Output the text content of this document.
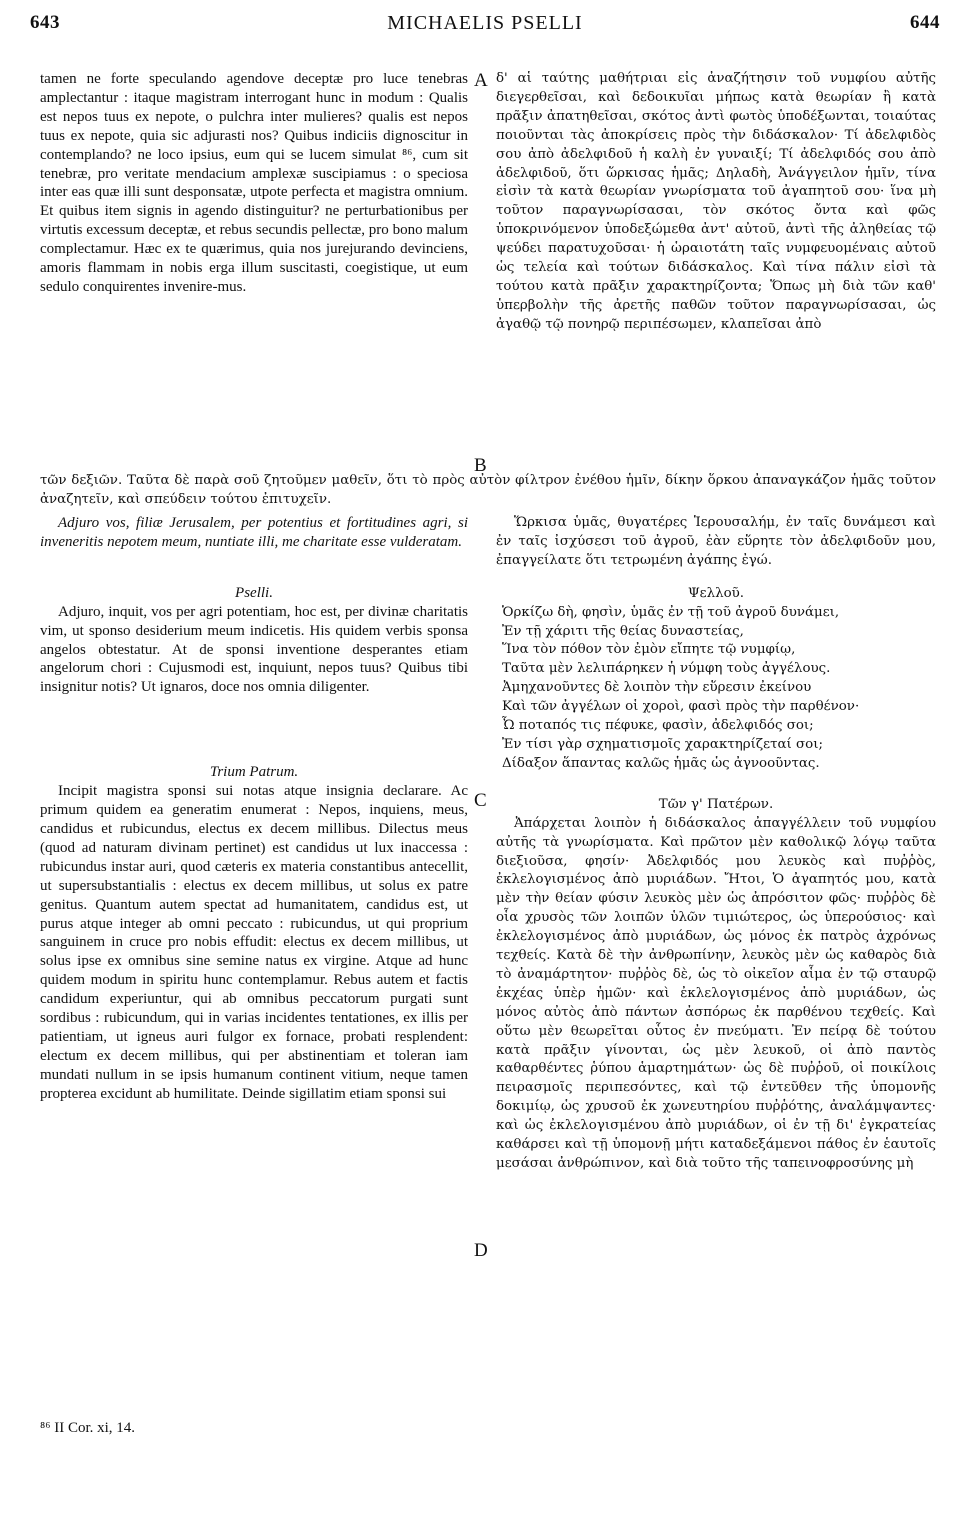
643	MICHAELIS PSELLI	644
A
B
C
D

tamen ne forte speculando agendove deceptæ pro luce tenebras amplectantur : itaque magistram interrogant hunc in modum : Qualis est nepos tuus ex nepote, o pulchra inter mulieres? qualis est nepos tuus ex nepote, quia sic adjurasti nos? Quibus indiciis dignoscitur in contemplando? ne loco ipsius, eum qui se lucem simulat ⁸⁶, cum sit tenebræ, pro veritate mendacium amplexæ suscipiamus : o speciosa inter eas quæ illi sunt desponsatæ, utpote perfecta et magistra omnium. Et quibus item signis in agendo distinguitur? ne perturbationibus per virtutis excessum deceptæ, et rebus secundis pellectæ, pro bono malum complectamur. Hæc ex te quærimus, quia nos jurejurando devinciens, amoris flammam in nobis erga illum suscitasti, coegistique, ut eum sedulo conquirentes invenire-mus.

δ' αἱ ταύτης μαθήτριαι εἰς ἀναζήτησιν τοῦ νυμφίου αὐτῆς διεγερθεῖσαι, καὶ δεδοικυῖαι μήπως κατὰ θεωρίαν ἢ κατὰ πρᾶξιν ἀπατηθεῖσαι, σκότος ἀντὶ φωτὸς ὑποδέξωνται, τοιαύτας ποιοῦνται τὰς ἀποκρίσεις πρὸς τὴν διδάσκαλον· Τί ἀδελφιδὸς σου ἀπὸ ἀδελφιδοῦ ἡ καλὴ ἐν γυναιξί; Τί ἀδελφιδός σου ἀπὸ ἀδελφιδοῦ, ὅτι ὥρκισας ἡμᾶς; Δηλαδὴ, Ἀνάγγειλον ἡμῖν, τίνα εἰσὶν τὰ κατὰ θεωρίαν γνωρίσματα τοῦ ἀγαπητοῦ σου· ἵνα μὴ τοῦτον παραγνωρίσασαι, τὸν σκότος ὄντα καὶ φῶς ὑποκρινόμενον ὑποδεξώμεθα ἀντ' αὐτοῦ, ἀντὶ τῆς ἀληθείας τῷ ψεύδει παρατυχοῦσαι· ἡ ὡραιοτάτη ταῖς νυμφευομέναις αὐτοῦ ὡς τελεία καὶ τούτων διδάσκαλος. Καὶ τίνα πάλιν εἰσὶ τὰ τούτου κατὰ πρᾶξιν χαρακτηρίζοντα; Ὅπως μὴ διὰ τῶν καθ' ὑπερβολὴν τῆς ἀρετῆς παθῶν τοῦτον παραγνωρίσασαι, ὡς ἀγαθῷ τῷ πονηρῷ περιπέσωμεν, κλαπεῖσαι ἀπὸ

τῶν δεξιῶν. Ταῦτα δὲ παρὰ σοῦ ζητοῦμεν μαθεῖν, ὅτι τὸ πρὸς αὐτὸν φίλτρον ἐνέθου ἡμῖν, δίκην ὅρκου ἀπαναγκάζον ἡμᾶς τοῦτον ἀναζητεῖν, καὶ σπεύδειν τούτου ἐπιτυχεῖν.

Adjuro vos, filiæ Jerusalem, per potentius et fortitudines agri, si inveneritis nepotem meum, nuntiate illi, me charitate esse vulderatam.

Pselli.

Adjuro, inquit, vos per agri potentiam, hoc est, per divinæ charitatis vim, ut sponso desiderium meum indicetis. His quidem verbis sponsa angelos obtestatur. At de sponsi inventione desperantes etiam angelorum chori : Cujusmodi est, inquiunt, nepos tuus? Quibus tibi insignitur notis? Ut ignaros, doce nos omnia diligenter.

Trium Patrum.

Incipit magistra sponsi sui notas atque insignia declarare. Ac primum quidem ea generatim enumerat : Nepos, inquiens, meus, candidus et rubicundus, electus ex decem millibus. Dilectus meus (quod ad naturam divinam pertinet) est candidus ut lux inaccessa : rubicundus instar auri, quod cæteris ex materia constantibus antecellit, ut supersubstantialis : electus ex decem millibus, ut solus ex patre genitus. Quantum autem spectat ad humanitatem, candidus est, ut purus atque integer ab omni peccato : rubicundus, ut qui proprium sanguinem in cruce pro nobis effudit: electus ex decem millibus, ut solus ipse ex omnibus sine semine natus ex virgine. Atque ad hunc quidem modum in spiritu hunc contemplamur. Rebus autem et factis candidum experiuntur, qui ab omnibus peccatorum purgati sunt sordibus : rubicundum, qui in varias incidentes tentationes, ex illis per patientiam, ut igneus auri fulgor ex fornace, probati resplendent: electum ex decem millibus, qui per abstinentiam et toleran iam mundati nullum in se ipsis humanum continent vitium, neque tamen propterea excidunt ab humilitate. Deinde sigillatim etiam sponsi sui

Ὥρκισα ὑμᾶς, θυγατέρες Ἱερουσαλήμ, ἐν ταῖς δυνάμεσι καὶ ἐν ταῖς ἰσχύσεσι τοῦ ἀγροῦ, ἐὰν εὕρητε τὸν ἀδελφιδοῦν μου, ἐπαγγείλατε ὅτι τετρωμένη ἀγάπης ἐγώ.

Ψελλοῦ.

Ὁρκίζω δὴ, φησὶν, ὑμᾶς ἐν τῇ τοῦ ἀγροῦ δυνάμει,
Ἐν τῇ χάριτι τῆς θείας δυναστείας,
Ἵνα τὸν πόθον τὸν ἐμὸν εἴπητε τῷ νυμφίῳ,
Ταῦτα μὲν λελιπάρηκεν ἡ νύμφη τοὺς ἀγγέλους.
Ἀμηχανοῦντες δὲ λοιπὸν τὴν εὕρεσιν ἐκείνου
Καὶ τῶν ἀγγέλων οἱ χοροὶ, φασὶ πρὸς τὴν παρθένον·
Ὦ ποταπός τις πέφυκε, φασὶν, ἀδελφιδός σοι;
Ἐν τίσι γὰρ σχηματισμοῖς χαρακτηρίζεταί σοι;
Δίδαξον ἅπαντας καλῶς ἡμᾶς ὡς ἀγνοοῦντας.

Τῶν γ' Πατέρων.

Ἀπάρχεται λοιπὸν ἡ διδάσκαλος ἀπαγγέλλειν τοῦ νυμφίου αὐτῆς τὰ γνωρίσματα. Καὶ πρῶτον μὲν καθολικῷ λόγῳ ταῦτα διεξιοῦσα, φησίν· Ἀδελφιδός μου λευκὸς καὶ πυῤῥὸς, ἐκλελογισμένος ἀπὸ μυριάδων. Ἤτοι, Ὁ ἀγαπητός μου, κατὰ μὲν τὴν θείαν φύσιν λευκὸς μὲν ὡς ἀπρόσιτον φῶς· πυῤῥὸς δὲ οἷα χρυσὸς τῶν λοιπῶν ὑλῶν τιμιώτερος, ὡς ὑπερούσιος· καὶ ἐκλελογισμένος ἀπὸ μυριάδων, ὡς μόνος ἐκ πατρὸς ἀχρόνως τεχθείς. Κατὰ δὲ τὴν ἀνθρωπίνην, λευκὸς μὲν ὡς καθαρὸς διὰ τὸ ἀναμάρτητον· πυῤῥὸς δὲ, ὡς τὸ οἰκεῖον αἷμα ἐν τῷ σταυρῷ ἐκχέας ὑπὲρ ἡμῶν· καὶ ἐκλελογισμένος ἀπὸ μυριάδων, ὡς μόνος αὐτὸς ἀπὸ πάντων ἀσπόρως ἐκ παρθένου τεχθείς. Καὶ οὕτω μὲν θεωρεῖται οὗτος ἐν πνεύματι. Ἐν πείρᾳ δὲ τούτου κατὰ πρᾶξιν γίνονται, ὡς μὲν λευκοῦ, οἱ ἀπὸ παντὸς καθαρθέντες ῥύπου ἁμαρτημάτων· ὡς δὲ πυῤῥοῦ, οἱ ποικίλοις πειρασμοῖς περιπεσόντες, καὶ τῷ ἐντεῦθεν τῆς ὑπομονῆς δοκιμίῳ, ὡς χρυσοῦ ἐκ χωνευτηρίου πυῤῥότης, ἀναλάμψαντες· καὶ ὡς ἐκλελογισμένου ἀπὸ μυριάδων, οἱ ἐν τῇ δι' ἐγκρατείας καθάρσει καὶ τῇ ὑπομονῇ μήτι καταδεξάμενοι πάθος ἐν ἑαυτοῖς μεσάσαι ἀνθρώπινον, καὶ διὰ τοῦτο τῆς ταπεινοφροσύνης μὴ

⁸⁶ II Cor. xi, 14.
